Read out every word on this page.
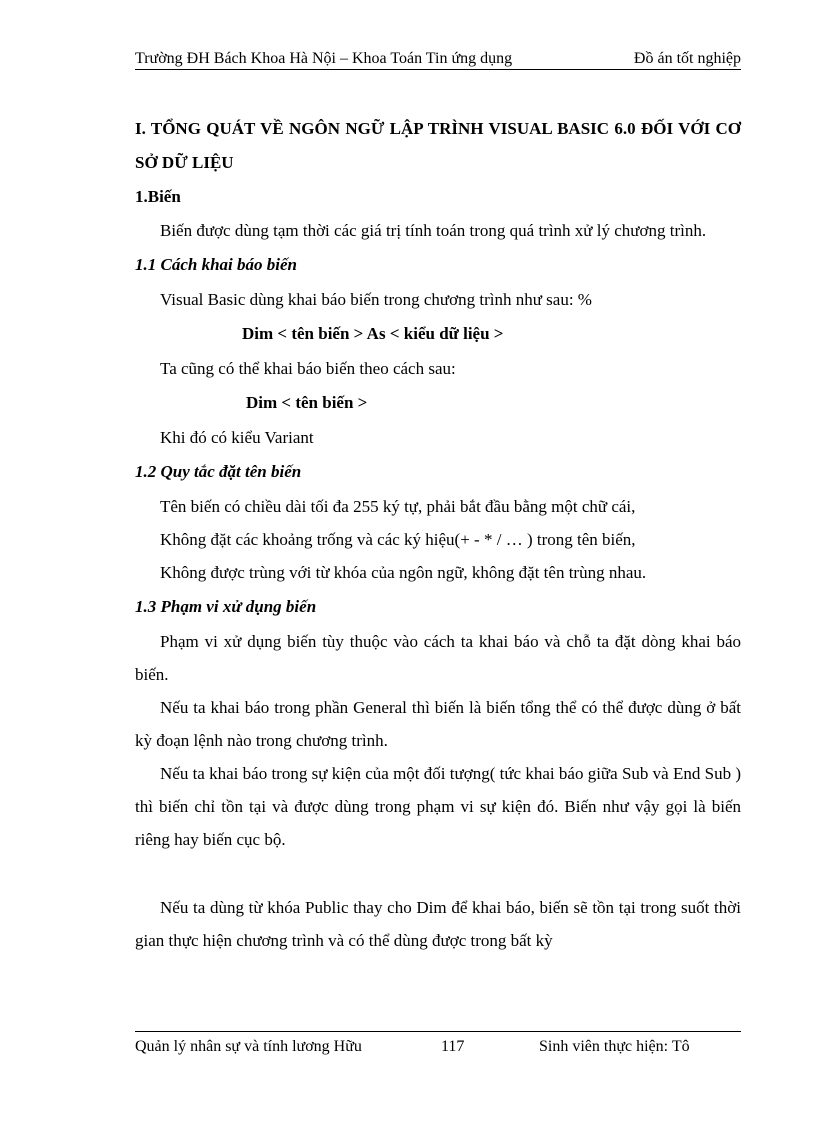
Trường ĐH Bách Khoa Hà Nội – Khoa Toán Tin ứng dụng	Đồ án tốt nghiệp

I. TỔNG QUÁT VỀ NGÔN NGỮ LẬP TRÌNH VISUAL BASIC 6.0 ĐỐI VỚI CƠ SỞ DỮ LIỆU

1.Biến

Biến được dùng tạm thời các giá trị tính toán trong quá trình xử lý chương trình.

1.1 Cách khai báo biến

Visual Basic dùng khai báo biến trong chương trình như sau: %

Dim < tên biến > As < kiểu dữ liệu >

Ta cũng có thể khai báo biến theo cách sau:

Dim < tên biến >

Khi đó có kiểu Variant

1.2 Quy tắc đặt tên biến

Tên biến có chiều dài tối đa 255 ký tự, phải bắt đầu bằng một chữ cái,

Không đặt các khoảng trống và các ký hiệu(+ - * / … ) trong tên biến,

Không được trùng với từ khóa của ngôn ngữ, không đặt tên trùng nhau.

1.3 Phạm vi xử dụng biến

Phạm vi xử dụng biến tùy thuộc vào cách ta khai báo và chỗ ta đặt dòng khai báo biến.

Nếu ta khai báo trong phần General thì biến là biến tổng thể có thể được dùng ở bất kỳ đoạn lệnh nào trong chương trình.

Nếu ta khai báo trong sự kiện của một đối tượng( tức khai báo giữa Sub và End Sub ) thì biến chỉ tồn tại và được dùng trong phạm vi sự kiện đó. Biến như vậy gọi là biến riêng hay biến cục bộ.

Nếu ta dùng từ khóa Public thay cho Dim để khai báo, biến sẽ tồn tại trong suốt thời gian thực hiện chương trình và có thể dùng được trong bất kỳ

Quản lý nhân sự và tính lương Hữu	117	Sinh viên thực hiện: Tô
